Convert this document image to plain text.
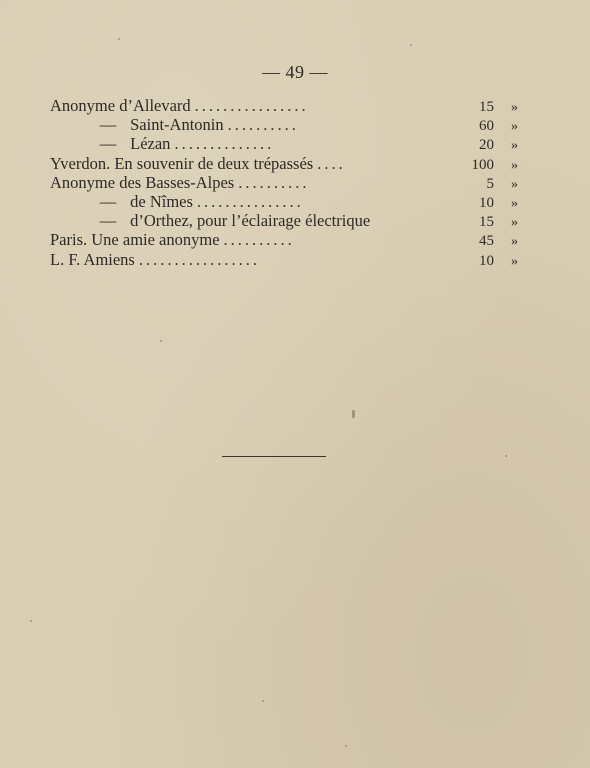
— 49 —
Anonyme d’Allevard ................	15	»
— Saint-Antonin ..........	60	»
— Lézan ..............	20	»
Yverdon. En souvenir de deux trépassés ....	100	»
Anonyme des Basses-Alpes ..........	5	»
— de Nîmes ...............	10	»
— d’Orthez, pour l’éclairage électrique	15	»
Paris. Une amie anonyme ..........	45	»
L. F. Amiens .................	10	»
